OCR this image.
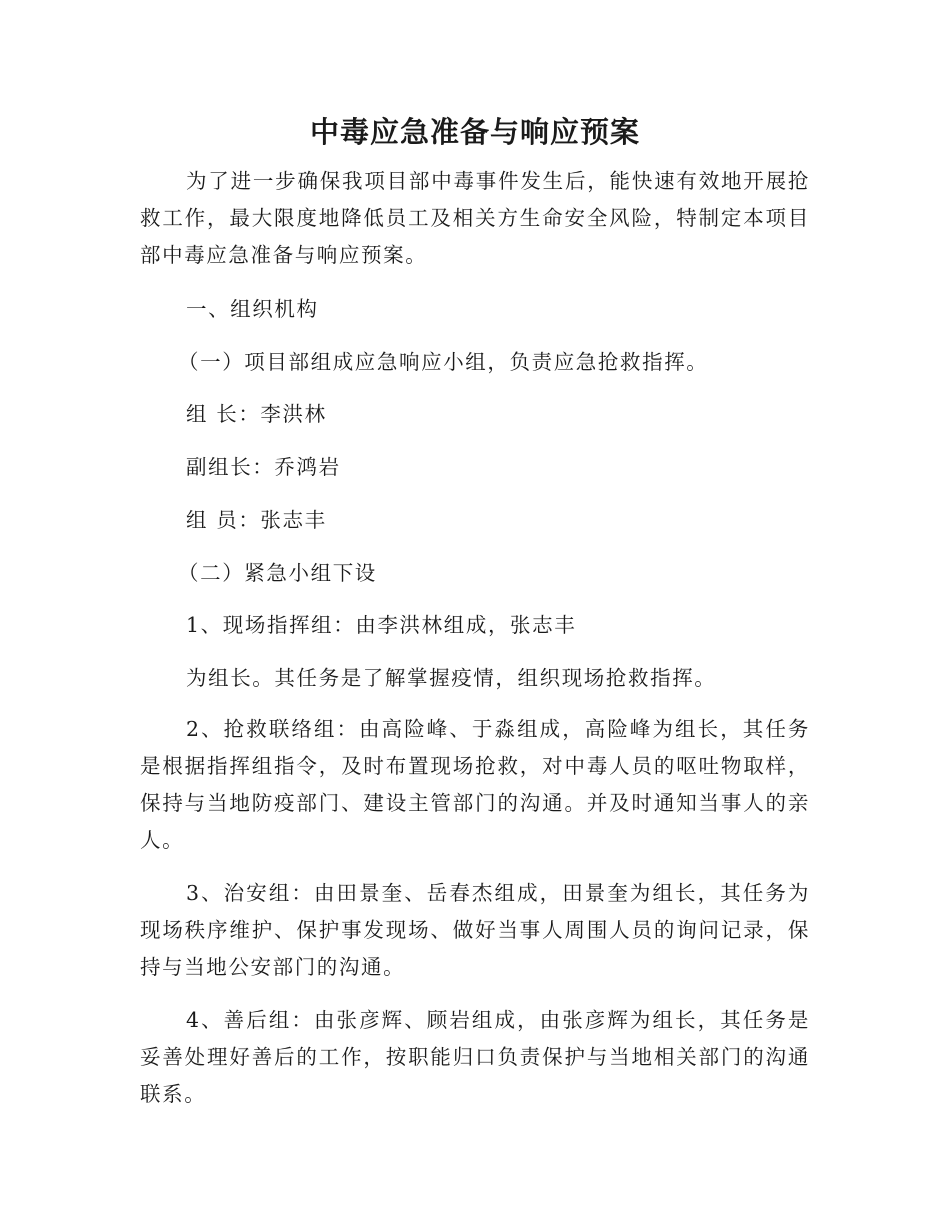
中毒应急准备与响应预案

为了进一步确保我项目部中毒事件发生后，能快速有效地开展抢救工作，最大限度地降低员工及相关方生命安全风险，特制定本项目部中毒应急准备与响应预案。

一、组织机构

（一）项目部组成应急响应小组，负责应急抢救指挥。

组 长：李洪林

副组长：乔鸿岩

组 员：张志丰

（二）紧急小组下设

1、现场指挥组：由李洪林组成，张志丰

为组长。其任务是了解掌握疫情，组织现场抢救指挥。

2、抢救联络组：由高险峰、于淼组成，高险峰为组长，其任务是根据指挥组指令，及时布置现场抢救，对中毒人员的呕吐物取样，保持与当地防疫部门、建设主管部门的沟通。并及时通知当事人的亲人。

3、治安组：由田景奎、岳春杰组成，田景奎为组长，其任务为现场秩序维护、保护事发现场、做好当事人周围人员的询问记录，保持与当地公安部门的沟通。

4、善后组：由张彦辉、顾岩组成，由张彦辉为组长，其任务是妥善处理好善后的工作，按职能归口负责保护与当地相关部门的沟通联系。
